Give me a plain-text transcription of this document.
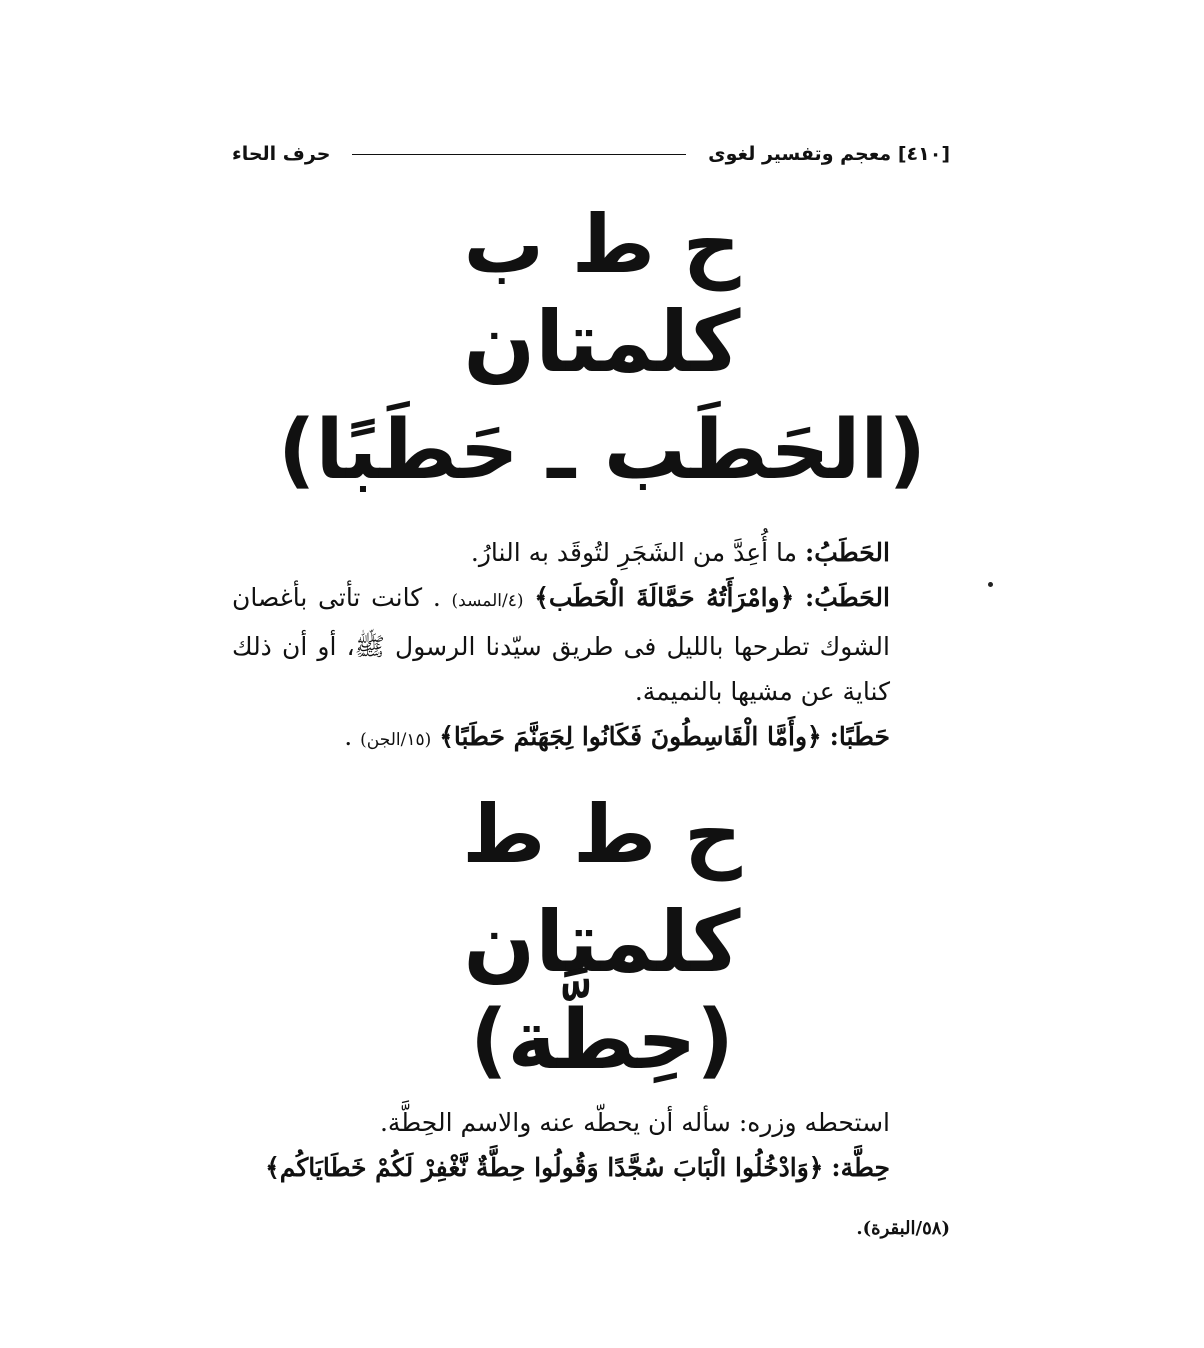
[٤١٠] معجم وتفسير لغوى
حرف الحاء
ح ط ب
كلمتان
(الحَطَب ـ حَطَبًا)

الحَطَبُ: ما أُعِدَّ من الشَجَرِ لتُوقَد به النارُ.

الحَطَبُ: ﴿وامْرَأَتُهُ حَمَّالَةَ الْحَطَب﴾ (٤/المسد) . كانت تأتى بأغصان الشوك تطرحها بالليل فى طريق سيّدنا الرسول ﷺ، أو أن ذلك كناية عن مشيها بالنميمة.

حَطَبًا: ﴿وأَمَّا الْقَاسِطُونَ فَكَانُوا لِجَهَنَّمَ حَطَبًا﴾ (١٥/الجن) .

ح ط ط
كلمتان
(حِطَّة)

استحطه وزره: سأله أن يحطّه عنه والاسم الحِطَّة.

حِطَّة: ﴿وَادْخُلُوا الْبَابَ سُجَّدًا وَقُولُوا حِطَّةٌ نَّغْفِرْ لَكُمْ خَطَايَاكُم﴾

(٥٨/البقرة).
